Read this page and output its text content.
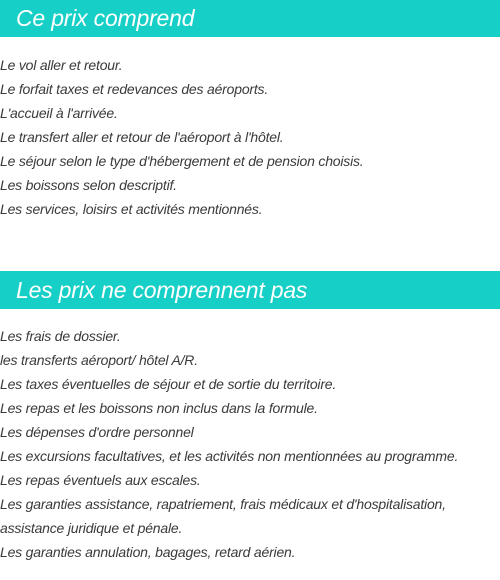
Ce prix comprend
Le vol aller et retour.
Le forfait taxes et redevances des aéroports.
L'accueil à l'arrivée.
Le transfert aller et retour de l'aéroport à l'hôtel.
Le séjour selon le type d'hébergement et de pension choisis.
Les boissons selon descriptif.
Les services, loisirs et activités mentionnés.
Les prix ne comprennent pas
Les frais de dossier.
les transferts aéroport/ hôtel A/R.
Les taxes éventuelles de séjour et de sortie du territoire.
Les repas et les boissons non inclus dans la formule.
Les dépenses d'ordre personnel
Les excursions facultatives, et les activités non mentionnées au programme.
Les repas éventuels aux escales.
Les garanties assistance, rapatriement, frais médicaux et d'hospitalisation,
assistance juridique et pénale.
Les garanties annulation, bagages, retard aérien.
